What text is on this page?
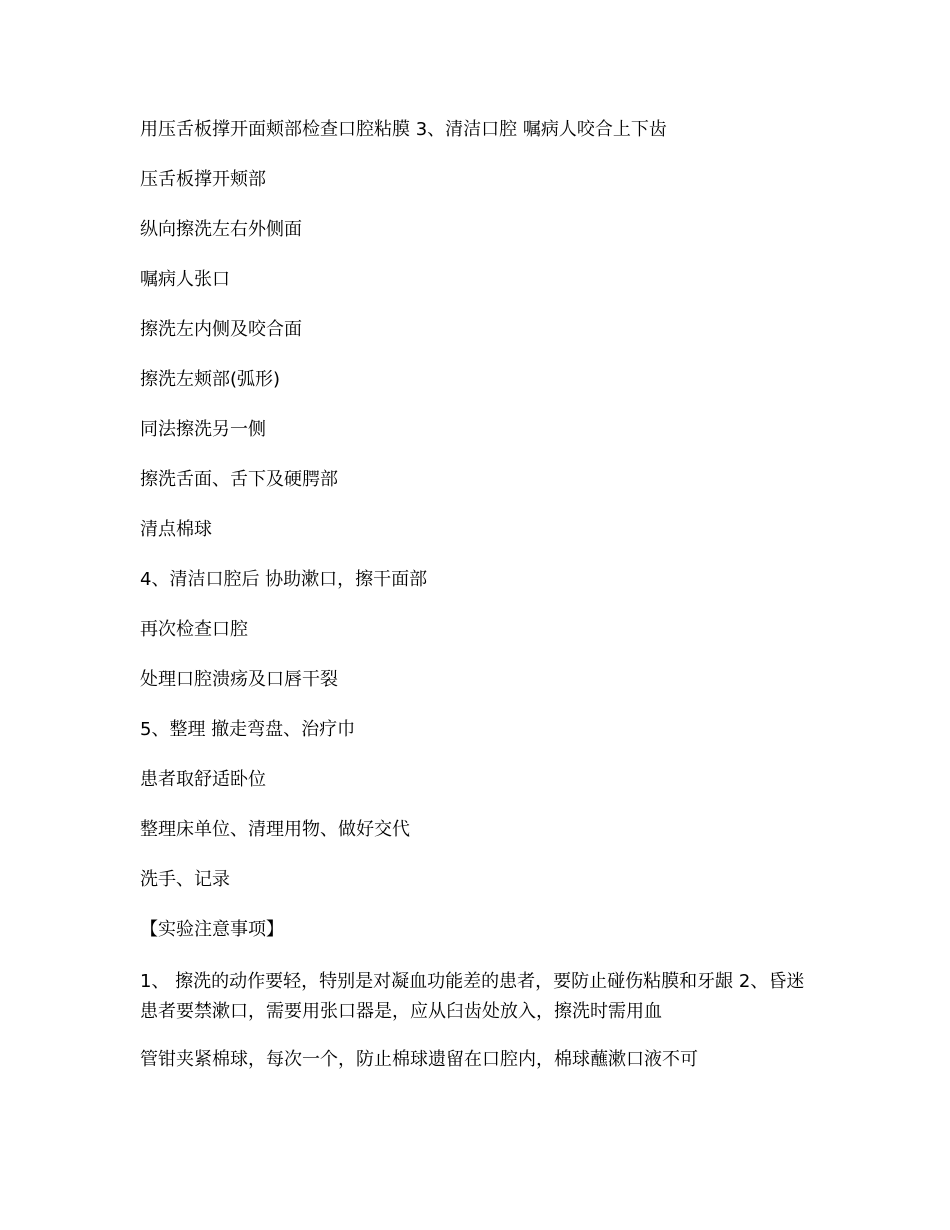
用压舌板撑开面颊部检查口腔粘膜 3、清洁口腔 嘱病人咬合上下齿

压舌板撑开颊部

纵向擦洗左右外侧面

嘱病人张口

擦洗左内侧及咬合面

擦洗左颊部(弧形)

同法擦洗另一侧

擦洗舌面、舌下及硬腭部

清点棉球

4、清洁口腔后 协助漱口，擦干面部

再次检查口腔

处理口腔溃疡及口唇干裂

5、整理 撤走弯盘、治疗巾

患者取舒适卧位

整理床单位、清理用物、做好交代

洗手、记录

【实验注意事项】

1、 擦洗的动作要轻，特别是对凝血功能差的患者，要防止碰伤粘膜和牙龈 2、昏迷患者要禁漱口，需要用张口器是，应从臼齿处放入，擦洗时需用血

管钳夹紧棉球，每次一个，防止棉球遗留在口腔内，棉球蘸漱口液不可
